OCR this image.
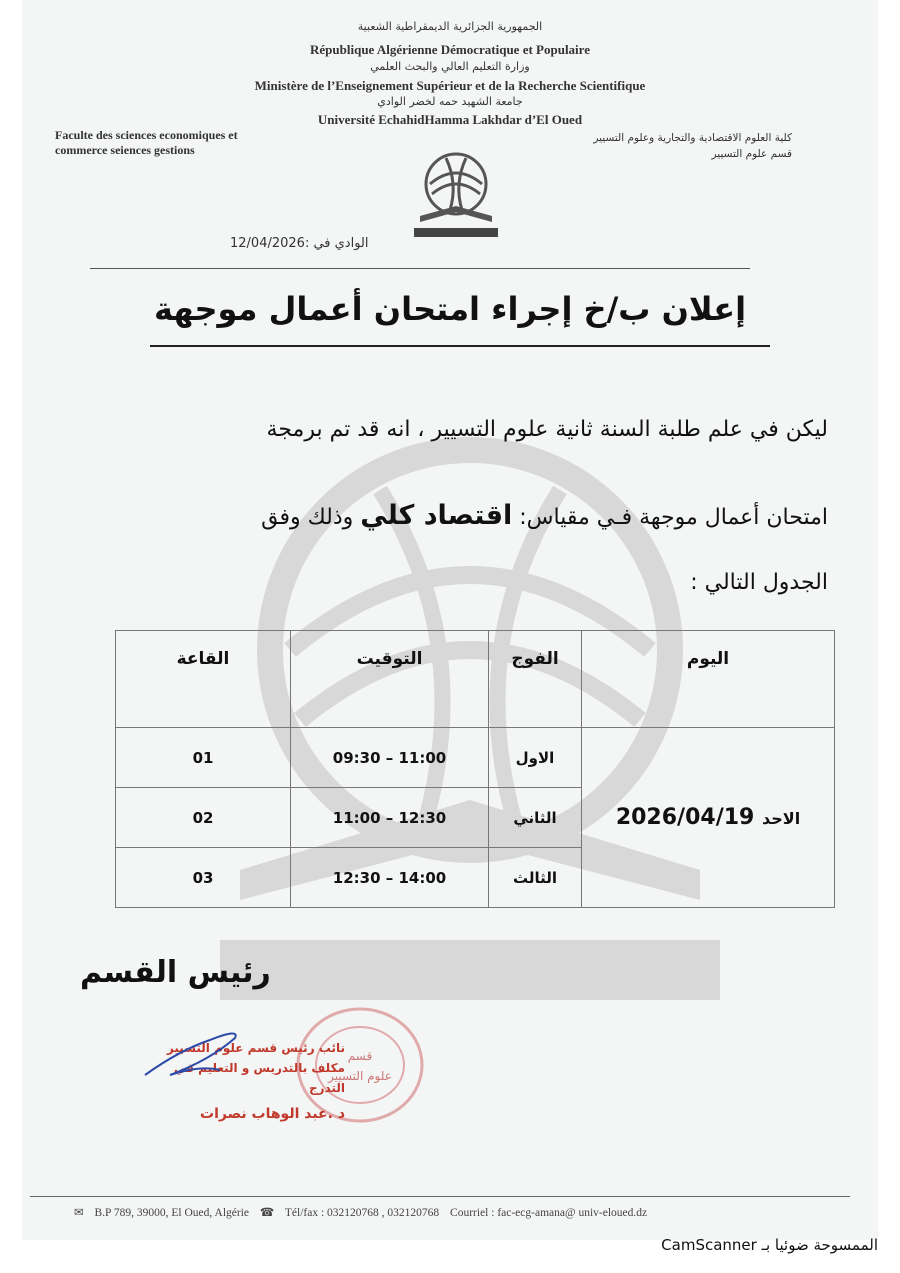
الجمهورية الجزائرية الديمقراطية الشعبية
République Algérienne Démocratique et Populaire
وزارة التعليم العالي والبحث العلمي
Ministère de l’Enseignement Supérieur et de la Recherche Scientifique
جامعة الشهيد حمه لخضر الوادي
Université EchahidHamma Lakhdar d’El Oued
Faculte des sciences economiques et
commerce seiences gestions
كلية العلوم الاقتصادية والتجارية وعلوم التسيير
قسم علوم التسيير
الوادي في :12/04/2026
إعلان ب/خ إجراء امتحان أعمال موجهة
ليكن في علم طلبة السنة ثانية علوم التسيير ، انه قد تم برمجة
امتحان أعمال موجهة فـي مقياس: اقتصاد كلي وذلك وفق
الجدول التالي :
اليوم	الفوج	التوقيت	القاعة
الاحد 2026/04/19	الاول	09:30 – 11:00	01
	الثاني	11:00 – 12:30	02
	الثالث	12:30 – 14:00	03
رئيس القسم
قسم
علوم التسيير
نائب رئيس قسم علوم التسيير
مكلف بالتدريس و التعليم في التدرج
د .عبد الوهاب نصرات
✉ B.P 789, 39000, El Oued, Algérie ☎ Tél/fax : 032120768 , 032120768 Courriel : fac-ecg-amana@ univ-eloued.dz
الممسوحة ضوئيا بـ CamScanner
